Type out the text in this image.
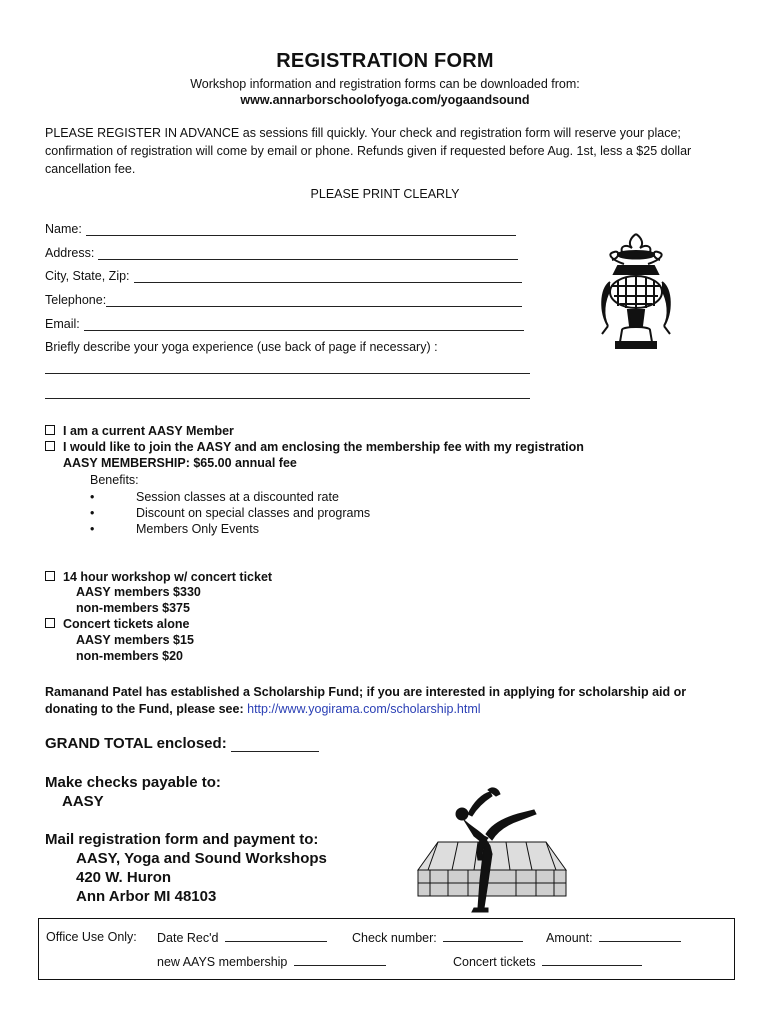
REGISTRATION FORM
Workshop information and registration forms can be downloaded from:
www.annarborschoolofyoga.com/yogaandsound
PLEASE REGISTER IN ADVANCE as sessions fill quickly. Your check and registration form will reserve your place; confirmation of registration will come by email or phone. Refunds given if requested before Aug. 1st, less a $25 dollar cancellation fee.
PLEASE PRINT CLEARLY
Name:
Address:
City, State, Zip:
Telephone:
Email:
Briefly describe your yoga experience (use back of page if necessary) :
I am a current AASY Member
I would like to join the AASY and am enclosing the membership fee with my registration
AASY MEMBERSHIP: $65.00 annual fee
Benefits:
•	Session classes at a discounted rate
•	Discount on special classes and programs
•	Members Only Events
14 hour workshop w/ concert ticket
AASY members $330
non-members $375
Concert tickets alone
AASY members $15
non-members $20
Ramanand Patel has established a Scholarship Fund; if you are interested in applying for scholarship aid or donating to the Fund, please see: http://www.yogirama.com/scholarship.html
GRAND TOTAL enclosed:
Make checks payable to:
AASY
Mail registration form and payment to:
AASY, Yoga and Sound Workshops
420 W. Huron
Ann Arbor MI 48103
Office Use Only: Date Rec'd	Check number:	Amount:
new AAYS membership	Concert tickets
